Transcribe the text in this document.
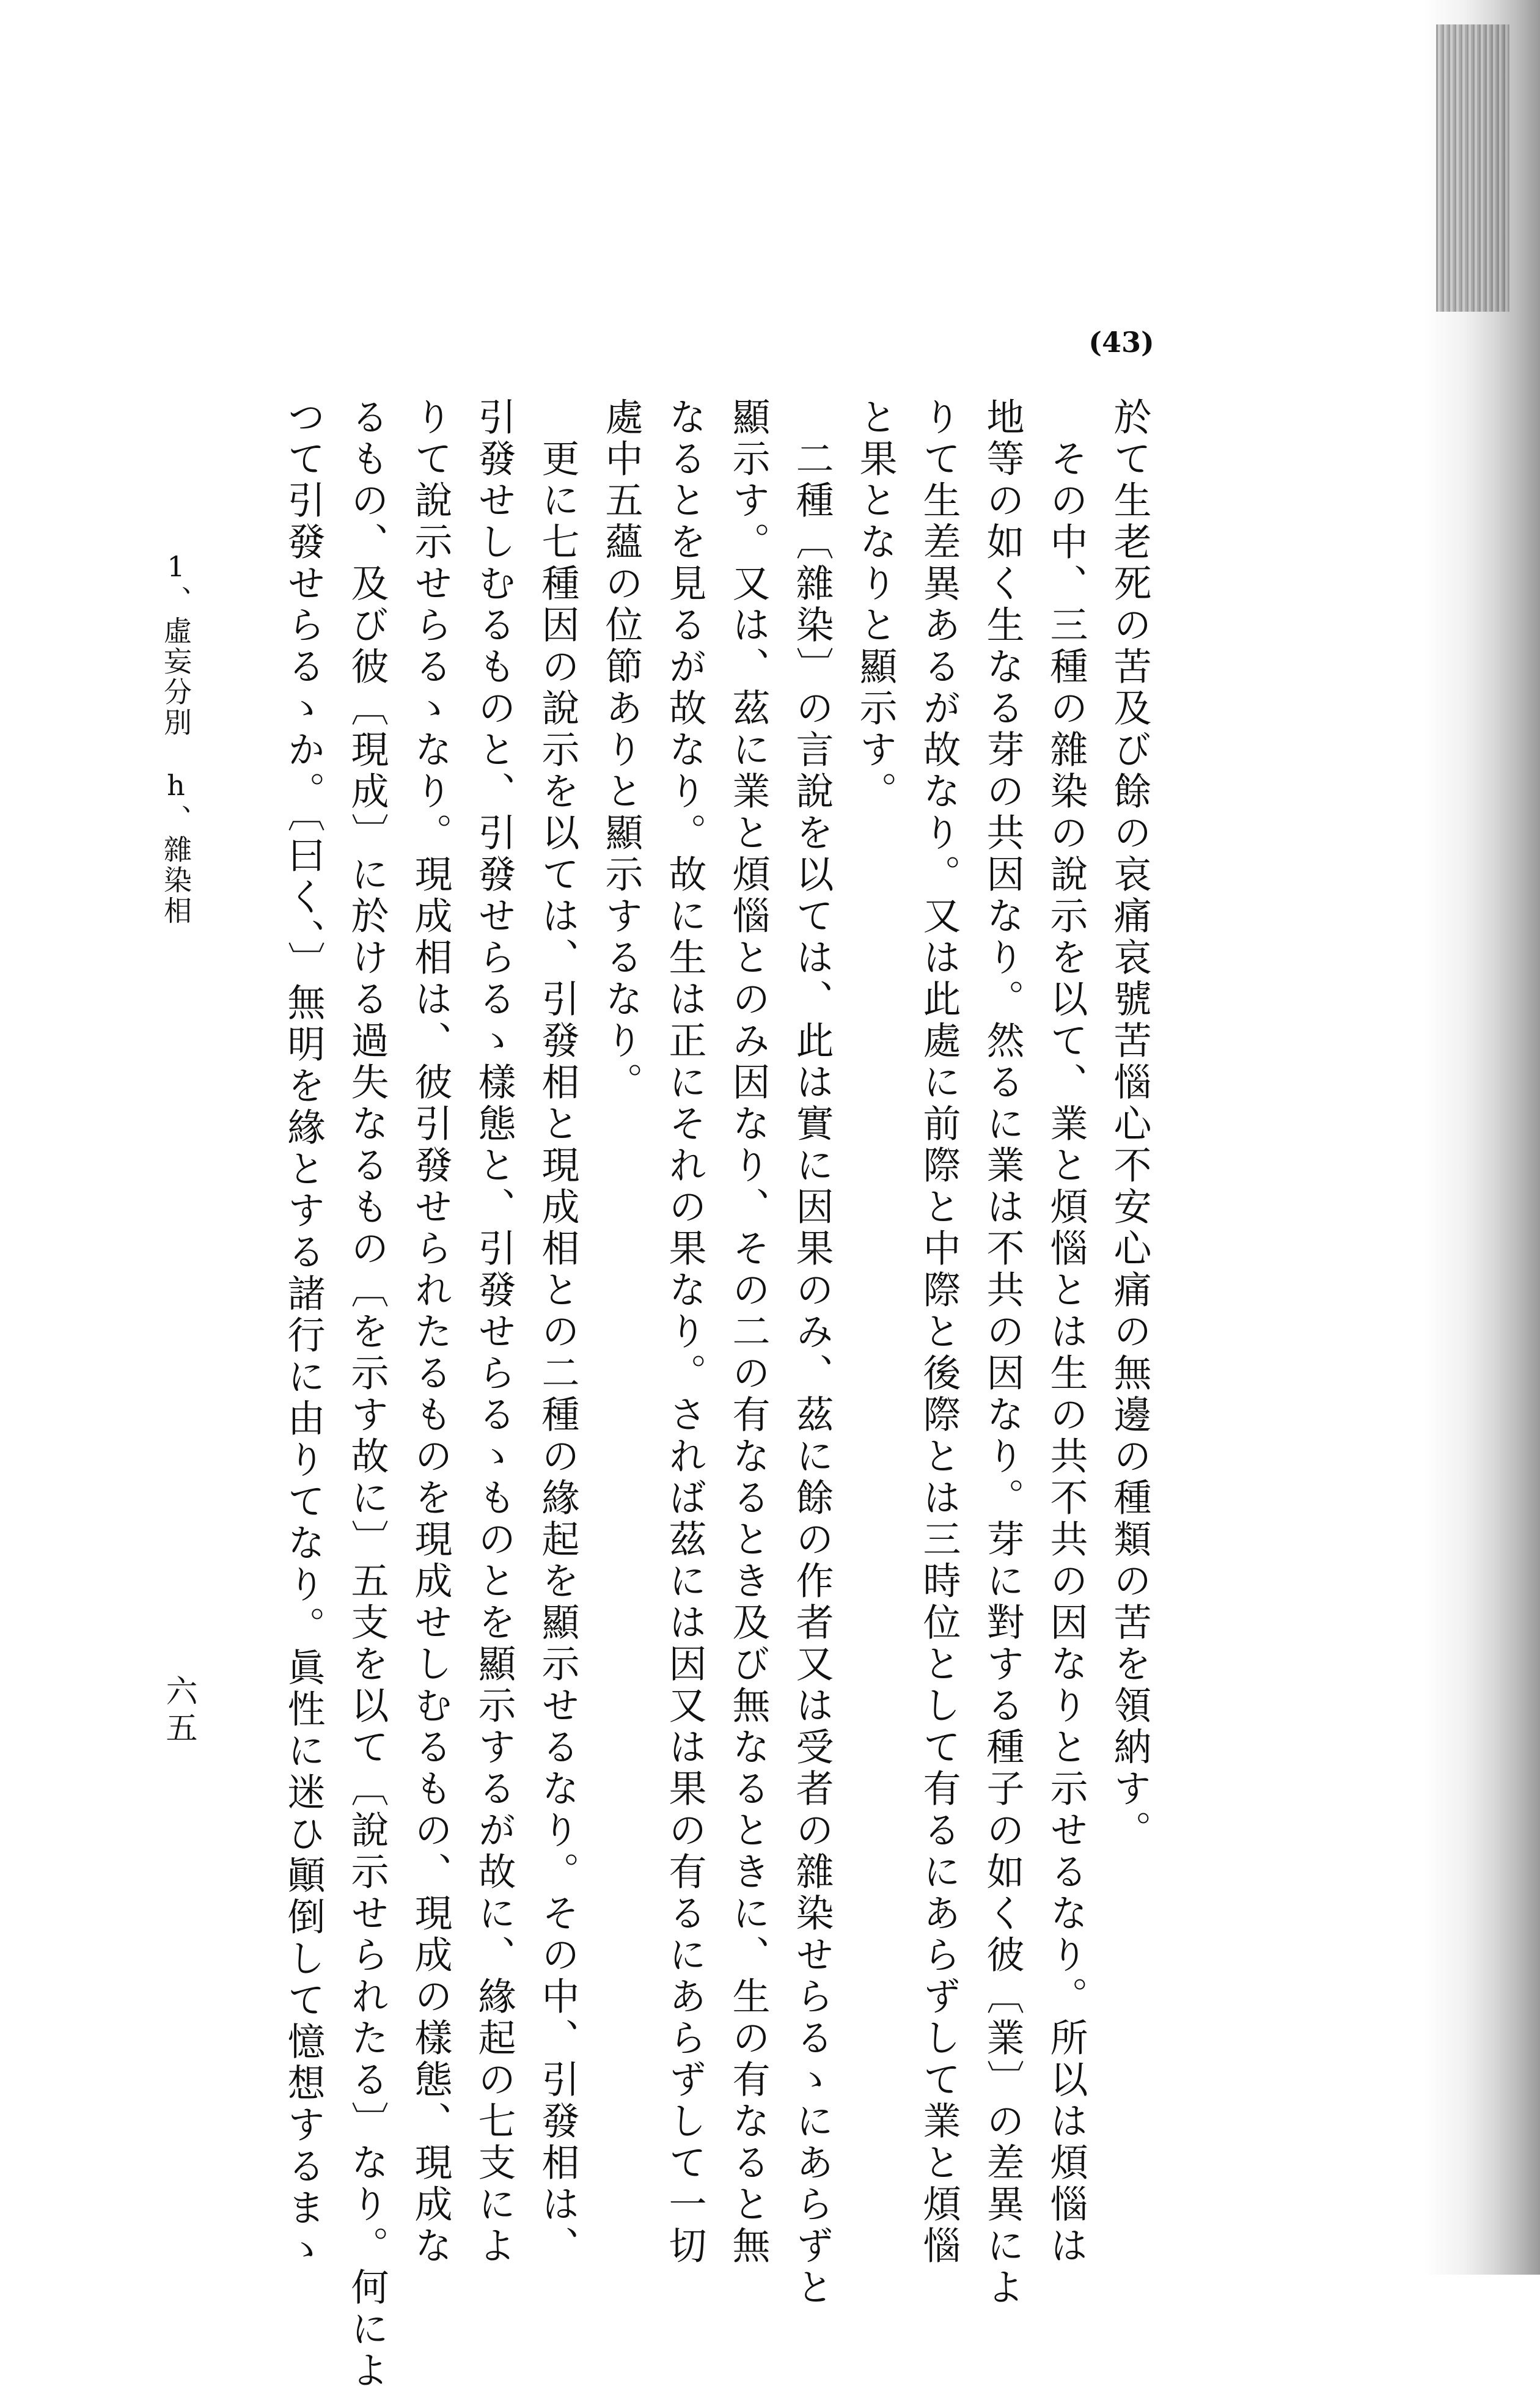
(43)
於て生老死の苦及び餘の哀痛哀號苦惱心不安心痛の無邊の種類の苦を領納す。
　その中、三種の雜染の說示を以て、業と煩惱とは生の共不共の因なりと示せるなり。所以は煩惱は
地等の如く生なる芽の共因なり。然るに業は不共の因なり。芽に對する種子の如く彼〔業〕の差異によ
りて生差異あるが故なり。又は此處に前際と中際と後際とは三時位として有るにあらずして業と煩惱
と果となりと顯示す。
　二種〔雜染〕の言說を以ては、此は實に因果のみ、茲に餘の作者又は受者の雜染せらるゝにあらずと
顯示す。又は、茲に業と煩惱とのみ因なり、その二の有なるとき及び無なるときに、生の有なると無
なるとを見るが故なり。故に生は正にそれの果なり。されば茲には因又は果の有るにあらずして一切
處中五蘊の位節ありと顯示するなり。
　更に七種因の說示を以ては、引發相と現成相との二種の緣起を顯示せるなり。その中、引發相は、
引發せしむるものと、引發せらるゝ樣態と、引發せらるゝものとを顯示するが故に、緣起の七支によ
りて說示せらるゝなり。現成相は、彼引發せられたるものを現成せしむるもの、現成の樣態、現成な
るもの、及び彼〔現成〕に於ける過失なるもの〔を示す故に〕五支を以て〔說示せられたる〕なり。何によ
つて引發せらるゝか。〔曰く、〕無明を緣とする諸行に由りてなり。眞性に迷ひ顚倒して憶想するまゝ
1、虛妄分別　h、雜染相
六五
